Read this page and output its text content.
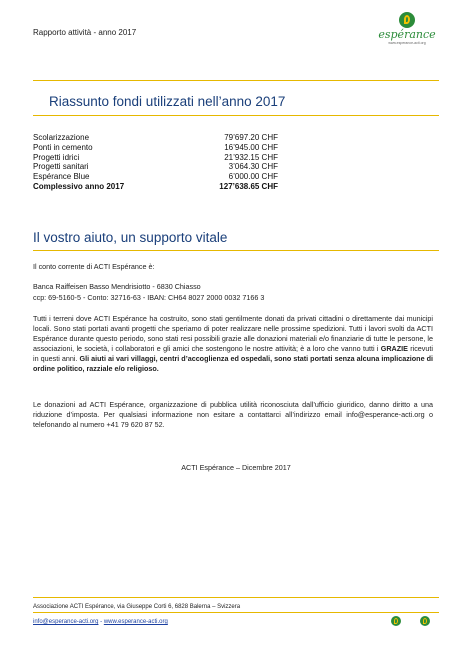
Rapporto attività - anno 2017	espérance
www.esperance-acti.org
Riassunto fondi utilizzati nell’anno 2017
Scolarizzazione	79’697.20 CHF
Ponti in cemento	16’945.00 CHF
Progetti idrici	21’932.15 CHF
Progetti sanitari	3’064.30 CHF
Espérance Blue	6’000.00 CHF
Complessivo anno 2017	127’638.65 CHF
Il vostro aiuto, un supporto vitale

Il conto corrente di ACTI Espérance è:

Banca Raiffeisen Basso Mendrisiotto - 6830 Chiasso

ccp: 69-5160-5 - Conto: 32716-63 - IBAN: CH64 8027 2000 0032 7166 3

Tutti i terreni dove ACTI Espérance ha costruito, sono stati gentilmente donati da privati cittadini o direttamente dai municipi locali. Sono stati portati avanti progetti che speriamo di poter realizzare nelle prossime spedizioni. Tutti i lavori svolti da ACTI Espérance durante questo periodo, sono stati resi possibili grazie alle donazioni materiali e/o finanziarie di tutte le persone, le associazioni, le società, i collaboratori e gli amici che sostengono le nostre attività; è a loro che vanno tutti i GRAZIE ricevuti in questi anni. Gli aiuti ai vari villaggi, centri d’accoglienza ed ospedali, sono stati portati senza alcuna implicazione di ordine politico, razziale e/o religioso.

Le donazioni ad ACTI Espérance, organizzazione di pubblica utilità riconosciuta dall’ufficio giuridico, danno diritto a una riduzione d’imposta. Per qualsiasi informazione non esitare a contattarci all’indirizzo email info@esperance-acti.org o telefonando al numero +41 79 620 87 52.

ACTI Espérance – Dicembre 2017
Associazione ACTI Espérance, via Giuseppe Corti 6, 6828 Balerna – Svizzera
info@esperance-acti.org - www.esperance-acti.org
